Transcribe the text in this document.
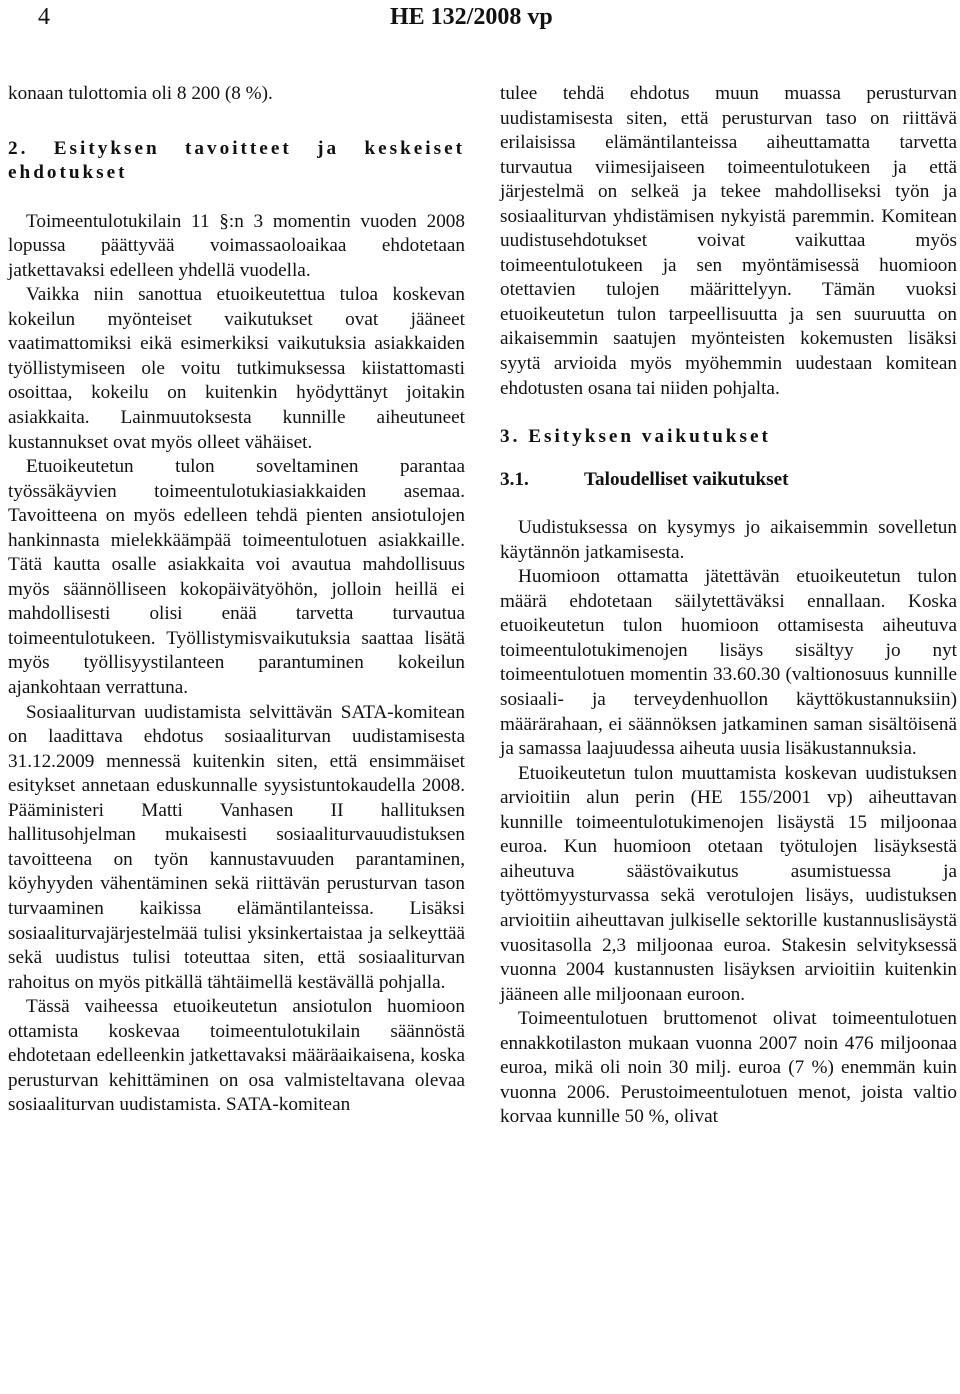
4	HE 132/2008 vp

konaan tulottomia oli 8 200 (8 %).

2. Esityksen tavoitteet ja keskeiset ehdotukset

Toimeentulotukilain 11 §:n 3 momentin vuoden 2008 lopussa päättyvää voimassaoloaikaa ehdotetaan jatkettavaksi edelleen yhdellä vuodella.

Vaikka niin sanottua etuoikeutettua tuloa koskevan kokeilun myönteiset vaikutukset ovat jääneet vaatimattomiksi eikä esimerkiksi vaikutuksia asiakkaiden työllistymiseen ole voitu tutkimuksessa kiistattomasti osoittaa, kokeilu on kuitenkin hyödyttänyt joitakin asiakkaita. Lainmuutoksesta kunnille aiheutuneet kustannukset ovat myös olleet vähäiset.

Etuoikeutetun tulon soveltaminen parantaa työssäkäyvien toimeentulotukiasiakkaiden asemaa. Tavoitteena on myös edelleen tehdä pienten ansiotulojen hankinnasta mielekkäämpää toimeentulotuen asiakkaille. Tätä kautta osalle asiakkaita voi avautua mahdollisuus myös säännölliseen kokopäivätyöhön, jolloin heillä ei mahdollisesti olisi enää tarvetta turvautua toimeentulotukeen. Työllistymisvaikutuksia saattaa lisätä myös työllisyystilanteen parantuminen kokeilun ajankohtaan verrattuna.

Sosiaaliturvan uudistamista selvittävän SATA-komitean on laadittava ehdotus sosiaaliturvan uudistamisesta 31.12.2009 mennessä kuitenkin siten, että ensimmäiset esitykset annetaan eduskunnalle syysistuntokaudella 2008. Pääministeri Matti Vanhasen II hallituksen hallitusohjelman mukaisesti sosiaaliturvauudistuksen tavoitteena on työn kannustavuuden parantaminen, köyhyyden vähentäminen sekä riittävän perusturvan tason turvaaminen kaikissa elämäntilanteissa. Lisäksi sosiaaliturvajärjestelmää tulisi yksinkertaistaa ja selkeyttää sekä uudistus tulisi toteuttaa siten, että sosiaaliturvan rahoitus on myös pitkällä tähtäimellä kestävällä pohjalla.

Tässä vaiheessa etuoikeutetun ansiotulon huomioon ottamista koskevaa toimeentulotukilain säännöstä ehdotetaan edelleenkin jatkettavaksi määräaikaisena, koska perusturvan kehittäminen on osa valmisteltavana olevaa sosiaaliturvan uudistamista. SATA-komitean

tulee tehdä ehdotus muun muassa perusturvan uudistamisesta siten, että perusturvan taso on riittävä erilaisissa elämäntilanteissa aiheuttamatta tarvetta turvautua viimesijaiseen toimeentulotukeen ja että järjestelmä on selkeä ja tekee mahdolliseksi työn ja sosiaaliturvan yhdistämisen nykyistä paremmin. Komitean uudistusehdotukset voivat vaikuttaa myös toimeentulotukeen ja sen myöntämisessä huomioon otettavien tulojen määrittelyyn. Tämän vuoksi etuoikeutetun tulon tarpeellisuutta ja sen suuruutta on aikaisemmin saatujen myönteisten kokemusten lisäksi syytä arvioida myös myöhemmin uudestaan komitean ehdotusten osana tai niiden pohjalta.

3. Esityksen vaikutukset

3.1.	Taloudelliset vaikutukset

Uudistuksessa on kysymys jo aikaisemmin sovelletun käytännön jatkamisesta.

Huomioon ottamatta jätettävän etuoikeutetun tulon määrä ehdotetaan säilytettäväksi ennallaan. Koska etuoikeutetun tulon huomioon ottamisesta aiheutuva toimeentulotukimenojen lisäys sisältyy jo nyt toimeentulotuen momentin 33.60.30 (valtionosuus kunnille sosiaali- ja terveydenhuollon käyttökustannuksiin) määrärahaan, ei säännöksen jatkaminen saman sisältöisenä ja samassa laajuudessa aiheuta uusia lisäkustannuksia.

Etuoikeutetun tulon muuttamista koskevan uudistuksen arvioitiin alun perin (HE 155/2001 vp) aiheuttavan kunnille toimeentulotukimenojen lisäystä 15 miljoonaa euroa. Kun huomioon otetaan työtulojen lisäyksestä aiheutuva säästövaikutus asumistuessa ja työttömyysturvassa sekä verotulojen lisäys, uudistuksen arvioitiin aiheuttavan julkiselle sektorille kustannuslisäystä vuositasolla 2,3 miljoonaa euroa. Stakesin selvityksessä vuonna 2004 kustannusten lisäyksen arvioitiin kuitenkin jääneen alle miljoonaan euroon.

Toimeentulotuen bruttomenot olivat toimeentulotuen ennakkotilaston mukaan vuonna 2007 noin 476 miljoonaa euroa, mikä oli noin 30 milj. euroa (7 %) enemmän kuin vuonna 2006. Perustoimeentulotuen menot, joista valtio korvaa kunnille 50 %, olivat
